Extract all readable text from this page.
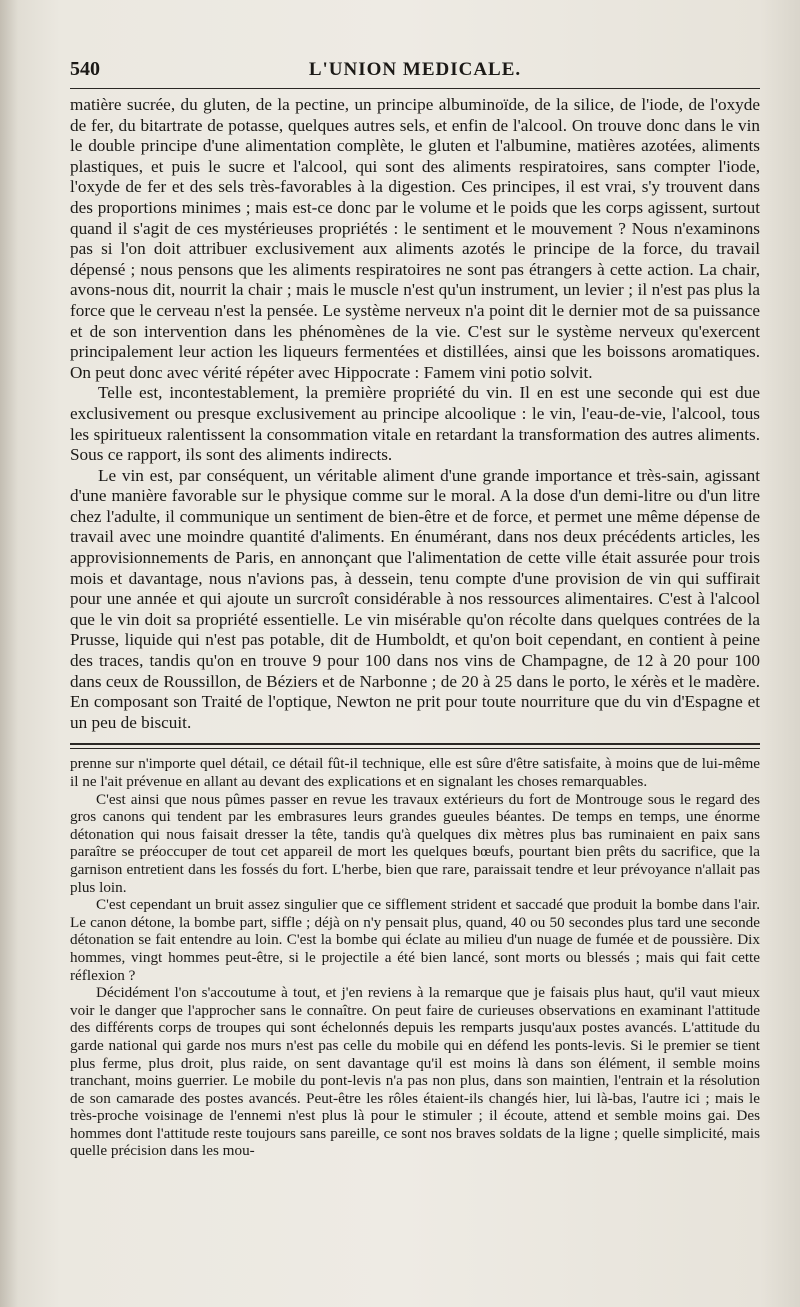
540	L'UNION MEDICALE.

matière sucrée, du gluten, de la pectine, un principe albuminoïde, de la silice, de l'iode, de l'oxyde de fer, du bitartrate de potasse, quelques autres sels, et enfin de l'alcool. On trouve donc dans le vin le double principe d'une alimentation complète, le gluten et l'albumine, matières azotées, aliments plastiques, et puis le sucre et l'alcool, qui sont des aliments respiratoires, sans compter l'iode, l'oxyde de fer et des sels très-favorables à la digestion. Ces principes, il est vrai, s'y trouvent dans des proportions minimes ; mais est-ce donc par le volume et le poids que les corps agissent, surtout quand il s'agit de ces mystérieuses propriétés : le sentiment et le mouvement ? Nous n'examinons pas si l'on doit attribuer exclusivement aux aliments azotés le principe de la force, du travail dépensé ; nous pensons que les aliments respiratoires ne sont pas étrangers à cette action. La chair, avons-nous dit, nourrit la chair ; mais le muscle n'est qu'un instrument, un levier ; il n'est pas plus la force que le cerveau n'est la pensée. Le système nerveux n'a point dit le dernier mot de sa puissance et de son intervention dans les phénomènes de la vie. C'est sur le système nerveux qu'exercent principalement leur action les liqueurs fermentées et distillées, ainsi que les boissons aromatiques. On peut donc avec vérité répéter avec Hippocrate : Famem vini potio solvit.

Telle est, incontestablement, la première propriété du vin. Il en est une seconde qui est due exclusivement ou presque exclusivement au principe alcoolique : le vin, l'eau-de-vie, l'alcool, tous les spiritueux ralentissent la consommation vitale en retardant la transformation des autres aliments. Sous ce rapport, ils sont des aliments indirects.

Le vin est, par conséquent, un véritable aliment d'une grande importance et très-sain, agissant d'une manière favorable sur le physique comme sur le moral. A la dose d'un demi-litre ou d'un litre chez l'adulte, il communique un sentiment de bien-être et de force, et permet une même dépense de travail avec une moindre quantité d'aliments. En énumérant, dans nos deux précédents articles, les approvisionnements de Paris, en annonçant que l'alimentation de cette ville était assurée pour trois mois et davantage, nous n'avions pas, à dessein, tenu compte d'une provision de vin qui suffirait pour une année et qui ajoute un surcroît considérable à nos ressources alimentaires. C'est à l'alcool que le vin doit sa propriété essentielle. Le vin misérable qu'on récolte dans quelques contrées de la Prusse, liquide qui n'est pas potable, dit de Humboldt, et qu'on boit cependant, en contient à peine des traces, tandis qu'on en trouve 9 pour 100 dans nos vins de Champagne, de 12 à 20 pour 100 dans ceux de Roussillon, de Béziers et de Narbonne ; de 20 à 25 dans le porto, le xérès et le madère. En composant son Traité de l'optique, Newton ne prit pour toute nourriture que du vin d'Espagne et un peu de biscuit.

prenne sur n'importe quel détail, ce détail fût-il technique, elle est sûre d'être satisfaite, à moins que de lui-même il ne l'ait prévenue en allant au devant des explications et en signalant les choses remarquables.

C'est ainsi que nous pûmes passer en revue les travaux extérieurs du fort de Montrouge sous le regard des gros canons qui tendent par les embrasures leurs grandes gueules béantes. De temps en temps, une énorme détonation qui nous faisait dresser la tête, tandis qu'à quelques dix mètres plus bas ruminaient en paix sans paraître se préoccuper de tout cet appareil de mort les quelques bœufs, pourtant bien prêts du sacrifice, que la garnison entretient dans les fossés du fort. L'herbe, bien que rare, paraissait tendre et leur prévoyance n'allait pas plus loin.

C'est cependant un bruit assez singulier que ce sifflement strident et saccadé que produit la bombe dans l'air. Le canon détone, la bombe part, siffle ; déjà on n'y pensait plus, quand, 40 ou 50 secondes plus tard une seconde détonation se fait entendre au loin. C'est la bombe qui éclate au milieu d'un nuage de fumée et de poussière. Dix hommes, vingt hommes peut-être, si le projectile a été bien lancé, sont morts ou blessés ; mais qui fait cette réflexion ?

Décidément l'on s'accoutume à tout, et j'en reviens à la remarque que je faisais plus haut, qu'il vaut mieux voir le danger que l'approcher sans le connaître. On peut faire de curieuses observations en examinant l'attitude des différents corps de troupes qui sont échelonnés depuis les remparts jusqu'aux postes avancés. L'attitude du garde national qui garde nos murs n'est pas celle du mobile qui en défend les ponts-levis. Si le premier se tient plus ferme, plus droit, plus raide, on sent davantage qu'il est moins là dans son élément, il semble moins tranchant, moins guerrier. Le mobile du pont-levis n'a pas non plus, dans son maintien, l'entrain et la résolution de son camarade des postes avancés. Peut-être les rôles étaient-ils changés hier, lui là-bas, l'autre ici ; mais le très-proche voisinage de l'ennemi n'est plus là pour le stimuler ; il écoute, attend et semble moins gai. Des hommes dont l'attitude reste toujours sans pareille, ce sont nos braves soldats de la ligne ; quelle simplicité, mais quelle précision dans les mou-
